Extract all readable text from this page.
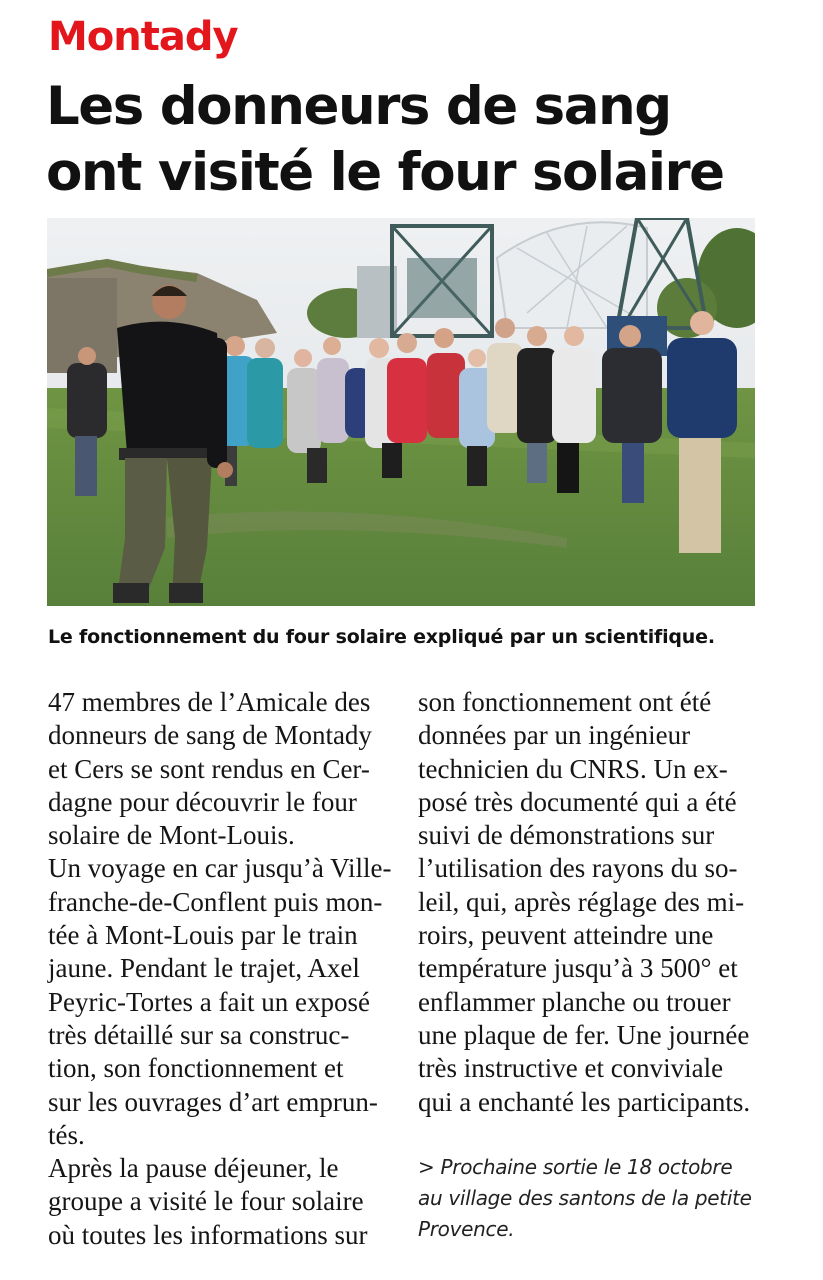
Montady
Les donneurs de sang
ont visité le four solaire
Le fonctionnement du four solaire expliqué par un scientifique.
47 membres de l’Amicale des
donneurs de sang de Montady
et Cers se sont rendus en Cer-
dagne pour découvrir le four
solaire de Mont-Louis.
Un voyage en car jusqu’à Ville-
franche-de-Conflent puis mon-
tée à Mont-Louis par le train
jaune. Pendant le trajet, Axel
Peyric-Tortes a fait un exposé
très détaillé sur sa construc-
tion, son fonctionnement et
sur les ouvrages d’art emprun-
tés.
Après la pause déjeuner, le
groupe a visité le four solaire
où toutes les informations sur
son fonctionnement ont été
données par un ingénieur
technicien du CNRS. Un ex-
posé très documenté qui a été
suivi de démonstrations sur
l’utilisation des rayons du so-
leil, qui, après réglage des mi-
roirs, peuvent atteindre une
température jusqu’à 3 500° et
enflammer planche ou trouer
une plaque de fer. Une journée
très instructive et conviviale
qui a enchanté les participants.
> Prochaine sortie le 18 octobre
au village des santons de la petite
Provence.
